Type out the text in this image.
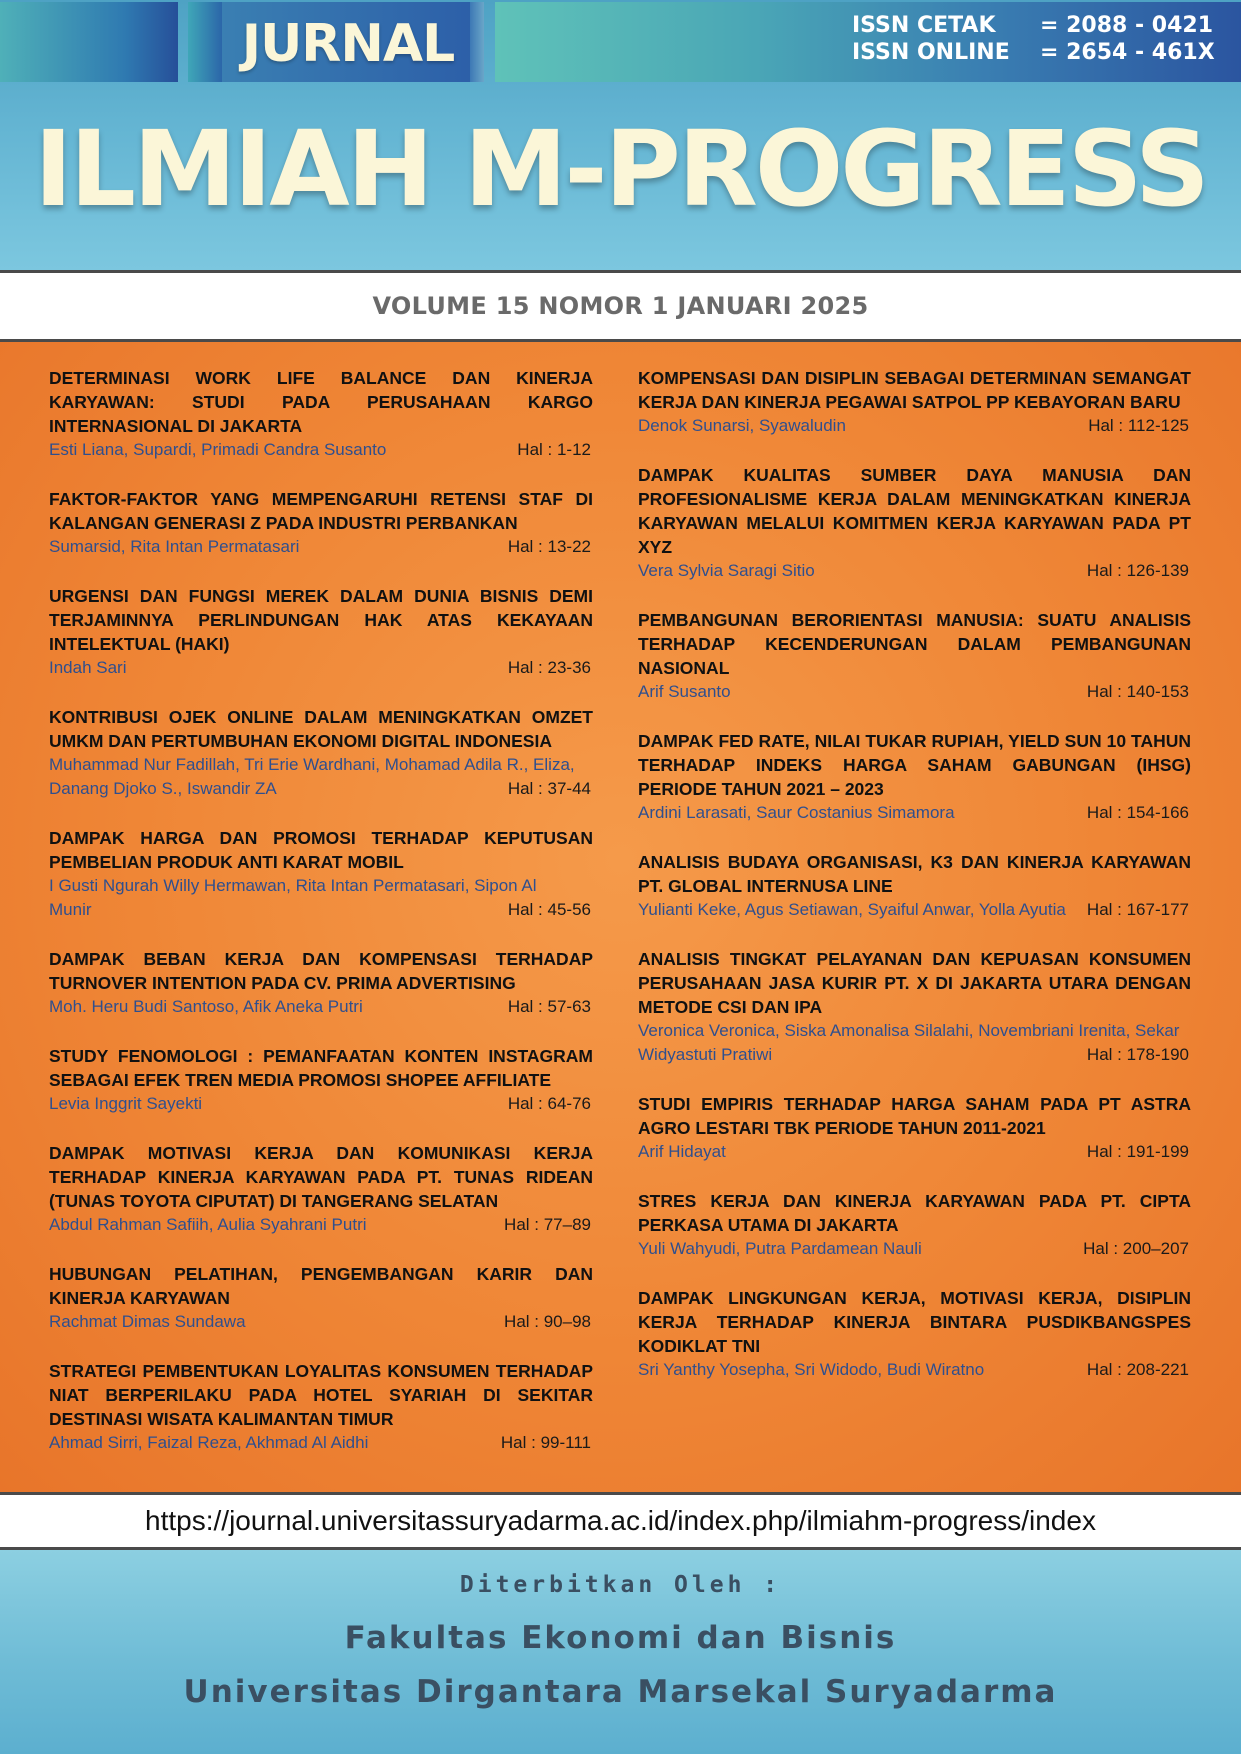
JURNAL	ISSN CETAK	= 2088 - 0421
ISSN ONLINE	= 2654 - 461X
ILMIAH M-PROGRESS
VOLUME 15 NOMOR 1 JANUARI 2025
DETERMINASI WORK LIFE BALANCE DAN KINERJA KARYAWAN: STUDI PADA PERUSAHAAN KARGO INTERNASIONAL DI JAKARTA
Esti Liana, Supardi, Primadi Candra Susanto	Hal : 1-12
FAKTOR-FAKTOR YANG MEMPENGARUHI RETENSI STAF DI KALANGAN GENERASI Z PADA INDUSTRI PERBANKAN
Sumarsid, Rita Intan Permatasari	Hal : 13-22
URGENSI DAN FUNGSI MEREK DALAM DUNIA BISNIS DEMI TERJAMINNYA PERLINDUNGAN HAK ATAS KEKAYAAN INTELEKTUAL (HAKI)
Indah Sari	Hal : 23-36
KONTRIBUSI OJEK ONLINE DALAM MENINGKATKAN OMZET UMKM DAN PERTUMBUHAN EKONOMI DIGITAL INDONESIA
Muhammad Nur Fadillah, Tri Erie Wardhani, Mohamad Adila R., Eliza,
Danang Djoko S., Iswandir ZA	Hal : 37-44
DAMPAK HARGA DAN PROMOSI TERHADAP KEPUTUSAN PEMBELIAN PRODUK ANTI KARAT MOBIL
I Gusti Ngurah Willy Hermawan, Rita Intan Permatasari, Sipon Al
Munir	Hal : 45-56
DAMPAK BEBAN KERJA DAN KOMPENSASI TERHADAP TURNOVER INTENTION PADA CV. PRIMA ADVERTISING
Moh. Heru Budi Santoso, Afik Aneka Putri	Hal : 57-63
STUDY FENOMOLOGI : PEMANFAATAN KONTEN INSTAGRAM SEBAGAI EFEK TREN MEDIA PROMOSI SHOPEE AFFILIATE
Levia Inggrit Sayekti	Hal : 64-76
DAMPAK MOTIVASI KERJA DAN KOMUNIKASI KERJA TERHADAP KINERJA KARYAWAN PADA PT. TUNAS RIDEAN (TUNAS TOYOTA CIPUTAT) DI TANGERANG SELATAN
Abdul Rahman Safiih, Aulia Syahrani Putri	Hal : 77–89
HUBUNGAN PELATIHAN, PENGEMBANGAN KARIR DAN KINERJA KARYAWAN
Rachmat Dimas Sundawa	Hal : 90–98
STRATEGI PEMBENTUKAN LOYALITAS KONSUMEN TERHADAP NIAT BERPERILAKU PADA HOTEL SYARIAH DI SEKITAR DESTINASI WISATA KALIMANTAN TIMUR
Ahmad Sirri, Faizal Reza, Akhmad Al Aidhi	Hal : 99-111
KOMPENSASI DAN DISIPLIN SEBAGAI DETERMINAN SEMANGAT KERJA DAN KINERJA PEGAWAI SATPOL PP KEBAYORAN BARU
Denok Sunarsi, Syawaludin	Hal : 112-125
DAMPAK KUALITAS SUMBER DAYA MANUSIA DAN PROFESIONALISME KERJA DALAM MENINGKATKAN KINERJA KARYAWAN MELALUI KOMITMEN KERJA KARYAWAN PADA PT XYZ
Vera Sylvia Saragi Sitio	Hal : 126-139
PEMBANGUNAN BERORIENTASI MANUSIA: SUATU ANALISIS TERHADAP KECENDERUNGAN DALAM PEMBANGUNAN NASIONAL
Arif Susanto	Hal : 140-153
DAMPAK FED RATE, NILAI TUKAR RUPIAH, YIELD SUN 10 TAHUN TERHADAP INDEKS HARGA SAHAM GABUNGAN (IHSG) PERIODE TAHUN 2021 – 2023
Ardini Larasati, Saur Costanius Simamora	Hal : 154-166
ANALISIS BUDAYA ORGANISASI, K3 DAN KINERJA KARYAWAN PT. GLOBAL INTERNUSA LINE
Yulianti Keke, Agus Setiawan, Syaiful Anwar, Yolla Ayutia	Hal : 167-177
ANALISIS TINGKAT PELAYANAN DAN KEPUASAN KONSUMEN PERUSAHAAN JASA KURIR PT. X DI JAKARTA UTARA DENGAN METODE CSI DAN IPA
Veronica Veronica, Siska Amonalisa Silalahi, Novembriani Irenita, Sekar
Widyastuti Pratiwi	Hal : 178-190
STUDI EMPIRIS TERHADAP HARGA SAHAM PADA PT ASTRA AGRO LESTARI TBK PERIODE TAHUN 2011-2021
Arif Hidayat	Hal : 191-199
STRES KERJA DAN KINERJA KARYAWAN PADA PT. CIPTA PERKASA UTAMA DI JAKARTA
Yuli Wahyudi, Putra Pardamean Nauli	Hal : 200–207
DAMPAK LINGKUNGAN KERJA, MOTIVASI KERJA, DISIPLIN KERJA TERHADAP KINERJA BINTARA PUSDIKBANGSPES KODIKLAT TNI
Sri Yanthy Yosepha, Sri Widodo, Budi Wiratno	Hal : 208-221
https://journal.universitassuryadarma.ac.id/index.php/ilmiahm-progress/index
Diterbitkan Oleh :
Fakultas Ekonomi dan Bisnis
Universitas Dirgantara Marsekal Suryadarma
